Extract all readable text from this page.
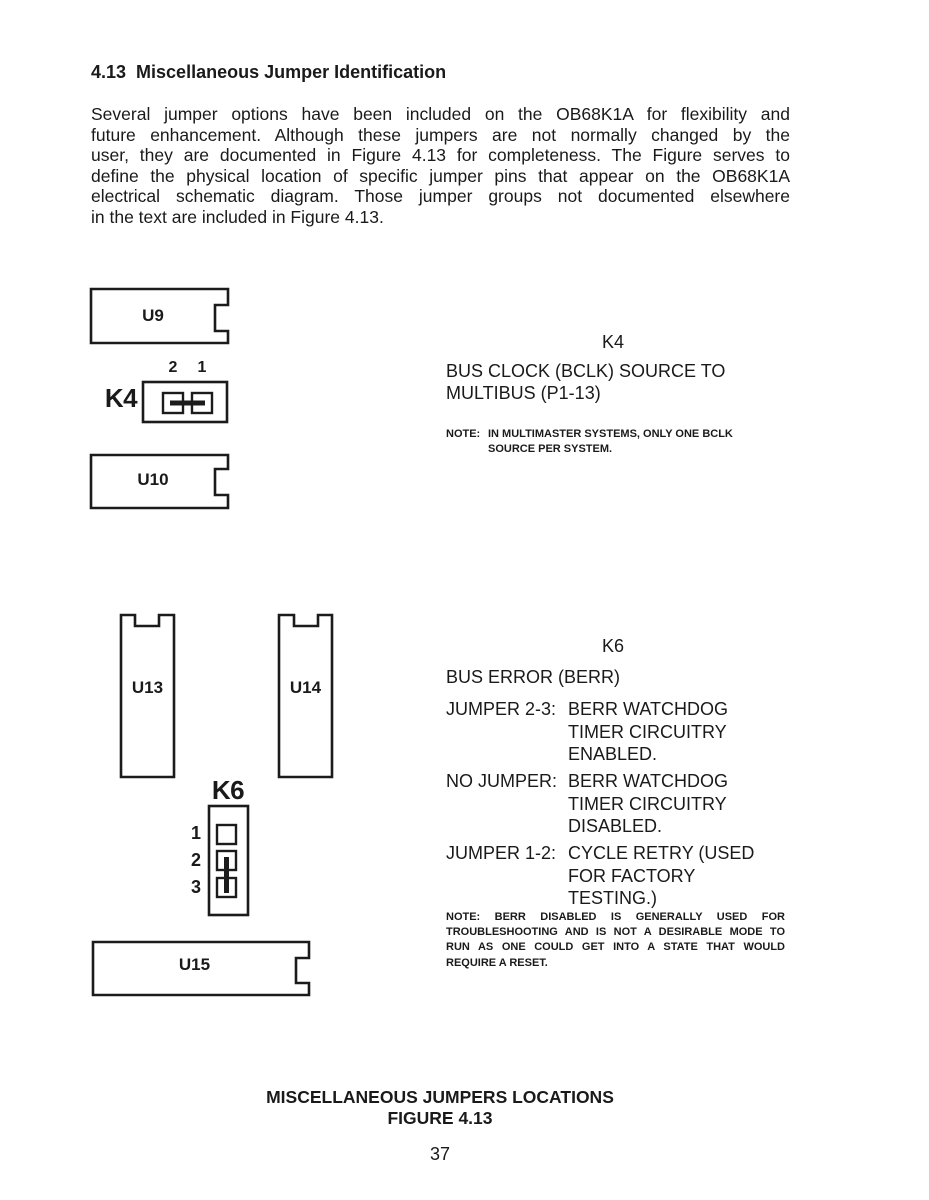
4.13  Miscellaneous Jumper Identification
Several jumper options have been included on the OB68K1A for flexibility and
future enhancement. Although these jumpers are not normally changed by the
user, they are documented in Figure 4.13 for completeness. The Figure serves to
define the physical location of specific jumper pins that appear on the OB68K1A
electrical schematic diagram. Those jumper groups not documented elsewhere
in the text are included in Figure 4.13.
U9
2 1
K4
U10
U13	U14
K6
1
2
3
U15
K4
BUS CLOCK (BCLK) SOURCE TO
MULTIBUS (P1-13)
NOTE: IN MULTIMASTER SYSTEMS, ONLY ONE BCLK
SOURCE PER SYSTEM.
K6
BUS ERROR (BERR)
JUMPER 2-3: BERR WATCHDOG
TIMER CIRCUITRY
ENABLED.
NO JUMPER: BERR WATCHDOG
TIMER CIRCUITRY
DISABLED.
JUMPER 1-2: CYCLE RETRY (USED
FOR FACTORY
TESTING.)
NOTE: BERR DISABLED IS GENERALLY USED FOR
TROUBLESHOOTING AND IS NOT A DESIRABLE MODE TO
RUN AS ONE COULD GET INTO A STATE THAT WOULD
REQUIRE A RESET.
MISCELLANEOUS JUMPERS LOCATIONS
FIGURE 4.13
37
